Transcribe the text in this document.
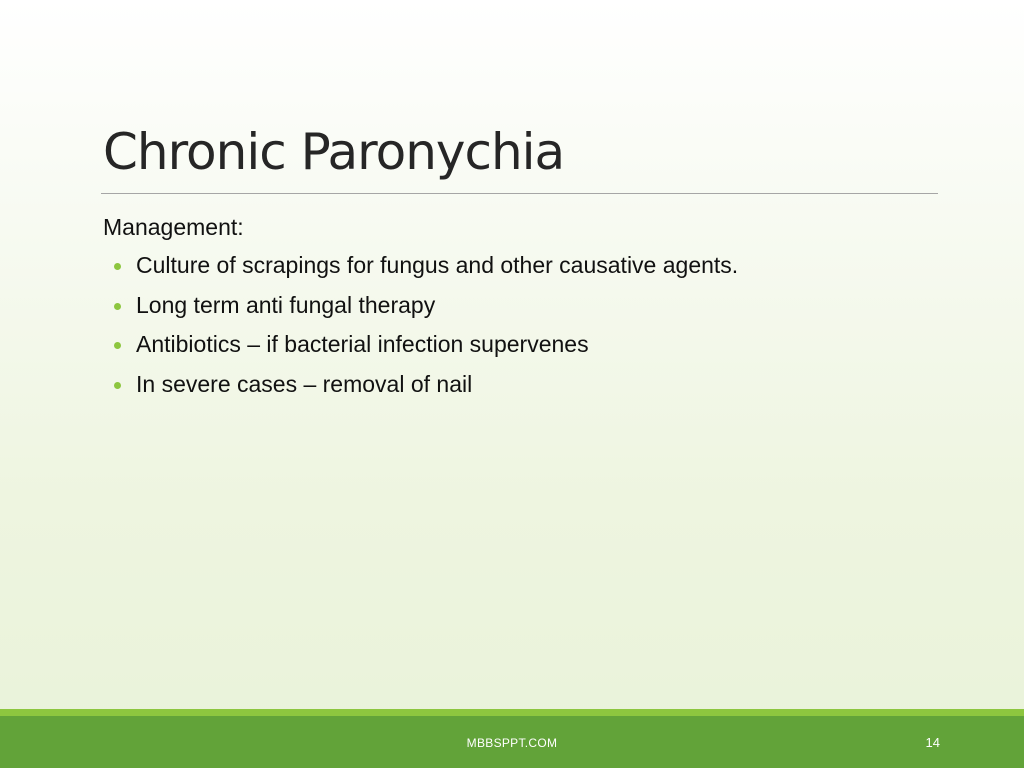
Chronic Paronychia

Management:

Culture of scrapings for fungus and other causative agents.
Long term anti fungal therapy
Antibiotics – if bacterial infection supervenes
In severe cases – removal of nail
MBBSPPT.COM	14
